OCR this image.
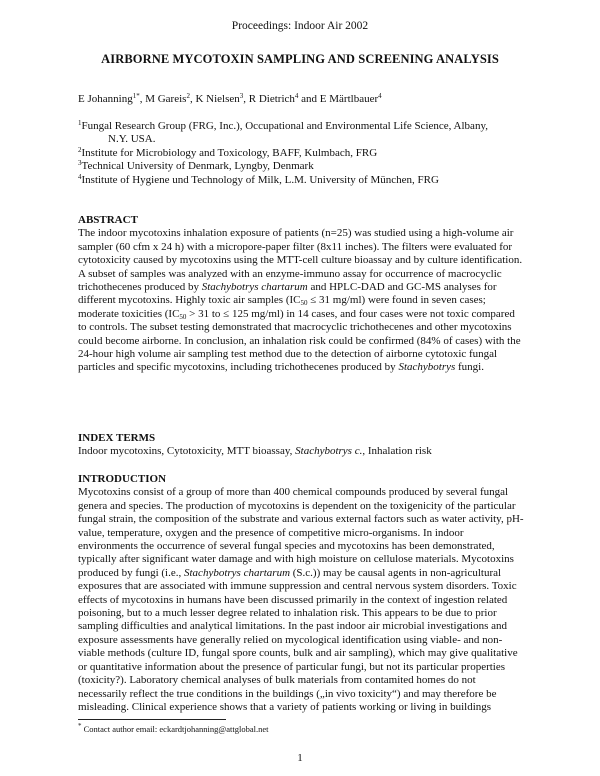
Proceedings: Indoor Air 2002
AIRBORNE MYCOTOXIN SAMPLING AND SCREENING ANALYSIS
E Johanning$^{1*}$, M Gareis$^2$, K Nielsen$^3$, R Dietrich$^4$ and E Märtlbauer$^4$
$^1$Fungal Research Group (FRG, Inc.), Occupational and Environmental Life Science, Albany,
N.Y. USA.
$^2$Institute for Microbiology and Toxicology, BAFF, Kulmbach, FRG
$^3$Technical University of Denmark, Lyngby, Denmark
$^4$Institute of Hygiene und Technology of Milk, L.M. University of München, FRG
ABSTRACT

The indoor mycotoxins inhalation exposure of patients (n=25) was studied using a high-volume air sampler (60 cfm x 24 h) with a micropore-paper filter (8x11 inches). The filters were evaluated for cytotoxicity caused by mycotoxins using the MTT-cell culture bioassay and by culture identification. A subset of samples was analyzed with an enzyme-immuno assay for occurrence of macrocyclic trichothecenes produced by Stachybotrys chartarum and HPLC-DAD and GC-MS analyses for different mycotoxins. Highly toxic air samples ($IC_{50} \le 31$ mg/ml) were found in seven cases; moderate toxicities ($IC_{50} > 31$ to ≤ 125 mg/ml) in 14 cases, and four cases were not toxic compared to controls. The subset testing demonstrated that macrocyclic trichothecenes and other mycotoxins could become airborne. In conclusion, an inhalation risk could be confirmed (84% of cases) with the 24-hour high volume air sampling test method due to the detection of airborne cytotoxic fungal particles and specific mycotoxins, including trichothecenes produced by Stachybotrys fungi.

INDEX TERMS

Indoor mycotoxins, Cytotoxicity, MTT bioassay, Stachybotrys c., Inhalation risk

INTRODUCTION

Mycotoxins consist of a group of more than 400 chemical compounds produced by several fungal genera and species. The production of mycotoxins is dependent on the toxigenicity of the particular fungal strain, the composition of the substrate and various external factors such as water activity, pH-value, temperature, oxygen and the presence of competitive micro-organisms. In indoor environments the occurrence of several fungal species and mycotoxins has been demonstrated, typically after significant water damage and with high moisture on cellulose materials. Mycotoxins produced by fungi (i.e., Stachybotrys chartarum (S.c.)) may be causal agents in non-agricultural exposures that are associated with immune suppression and central nervous system disorders. Toxic effects of mycotoxins in humans have been discussed primarily in the context of ingestion related poisoning, but to a much lesser degree related to inhalation risk. This appears to be due to prior sampling difficulties and analytical limitations. In the past indoor air microbial investigations and exposure assessments have generally relied on mycological identification using viable- and non-viable methods (culture ID, fungal spore counts, bulk and air sampling), which may give qualitative or quantitative information about the presence of particular fungi, but not its particular properties (toxicity?). Laboratory chemical analyses of bulk materials from contamited homes do not necessarily reflect the true conditions in the buildings („in vivo toxicity“) and may therefore be misleading. Clinical experience shows that a variety of patients working or living in buildings

* Contact author email: eckardtjohanning@attglobal.net
1
